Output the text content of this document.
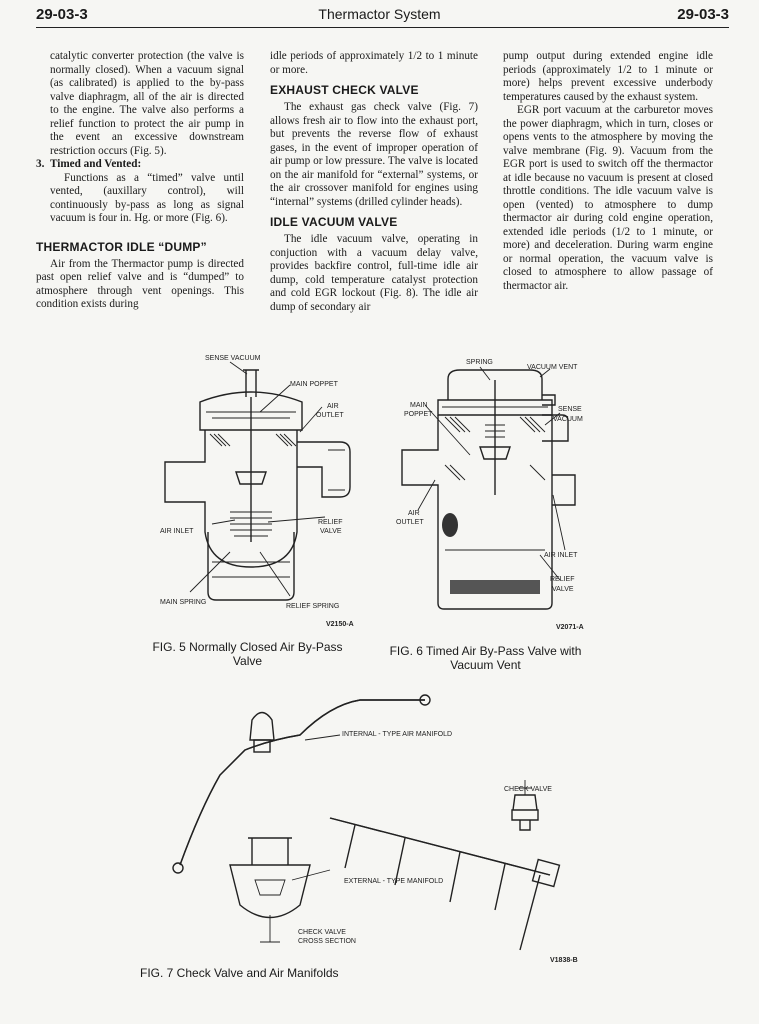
29-03-3	Thermactor System	29-03-3

catalytic converter protection (the valve is normally closed). When a vacuum signal (as calibrated) is applied to the by-pass valve diaphragm, all of the air is directed to the engine. The valve also performs a relief function to protect the air pump in the event an excessive downstream restriction occurs (Fig. 5).

3. Timed and Vented:

Functions as a “timed” valve until vented, (auxillary control), will continuously by-pass as long as signal vacuum is four in. Hg. or more (Fig. 6).

THERMACTOR IDLE “DUMP”

Air from the Thermactor pump is directed past open relief valve and is “dumped” to atmosphere through vent openings. This condition exists during

idle periods of approximately 1/2 to 1 minute or more.

EXHAUST CHECK VALVE

The exhaust gas check valve (Fig. 7) allows fresh air to flow into the exhaust port, but prevents the reverse flow of exhaust gases, in the event of improper operation of air pump or low pressure. The valve is located on the air manifold for “external” systems, or the air crossover manifold for engines using “internal” systems (drilled cylinder heads).

IDLE VACUUM VALVE

The idle vacuum valve, operating in conjuction with a vacuum delay valve, provides backfire control, full-time idle air dump, cold temperature catalyst protection and cold EGR lockout (Fig. 8). The idle air dump of secondary air

pump output during extended engine idle periods (approximately 1/2 to 1 minute or more) helps prevent excessive underbody temperatures caused by the exhaust system.

EGR port vacuum at the carburetor moves the power diaphragm, which in turn, closes or opens vents to the atmosphere by moving the valve membrane (Fig. 9). Vacuum from the EGR port is used to switch off the thermactor at idle because no vacuum is present at closed throttle conditions. The idle vacuum valve is open (vented) to atmosphere to dump thermactor air during cold engine operation, extended idle periods (1/2 to 1 minute, or more) and deceleration. During warm engine or normal operation, the vacuum valve is closed to atmosphere to allow passage of thermactor air.

SENSE VACUUM
MAIN POPPET
AIR
OUTLET
RELIEF
VALVE
AIR INLET
MAIN SPRING
RELIEF SPRING
V2150-A
FIG. 5 Normally Closed Air By-Pass
Valve
SPRING
VACUUM VENT
MAIN
POPPET
SENSE
VACUUM
AIR
OUTLET
AIR INLET
RELIEF
VALVE
V2071-A
FIG. 6 Timed Air By-Pass Valve with
Vacuum Vent
INTERNAL - TYPE AIR MANIFOLD
CHECK VALVE
EXTERNAL - TYPE MANIFOLD
CHECK VALVE
CROSS SECTION
V1838-B
FIG. 7 Check Valve and Air Manifolds
